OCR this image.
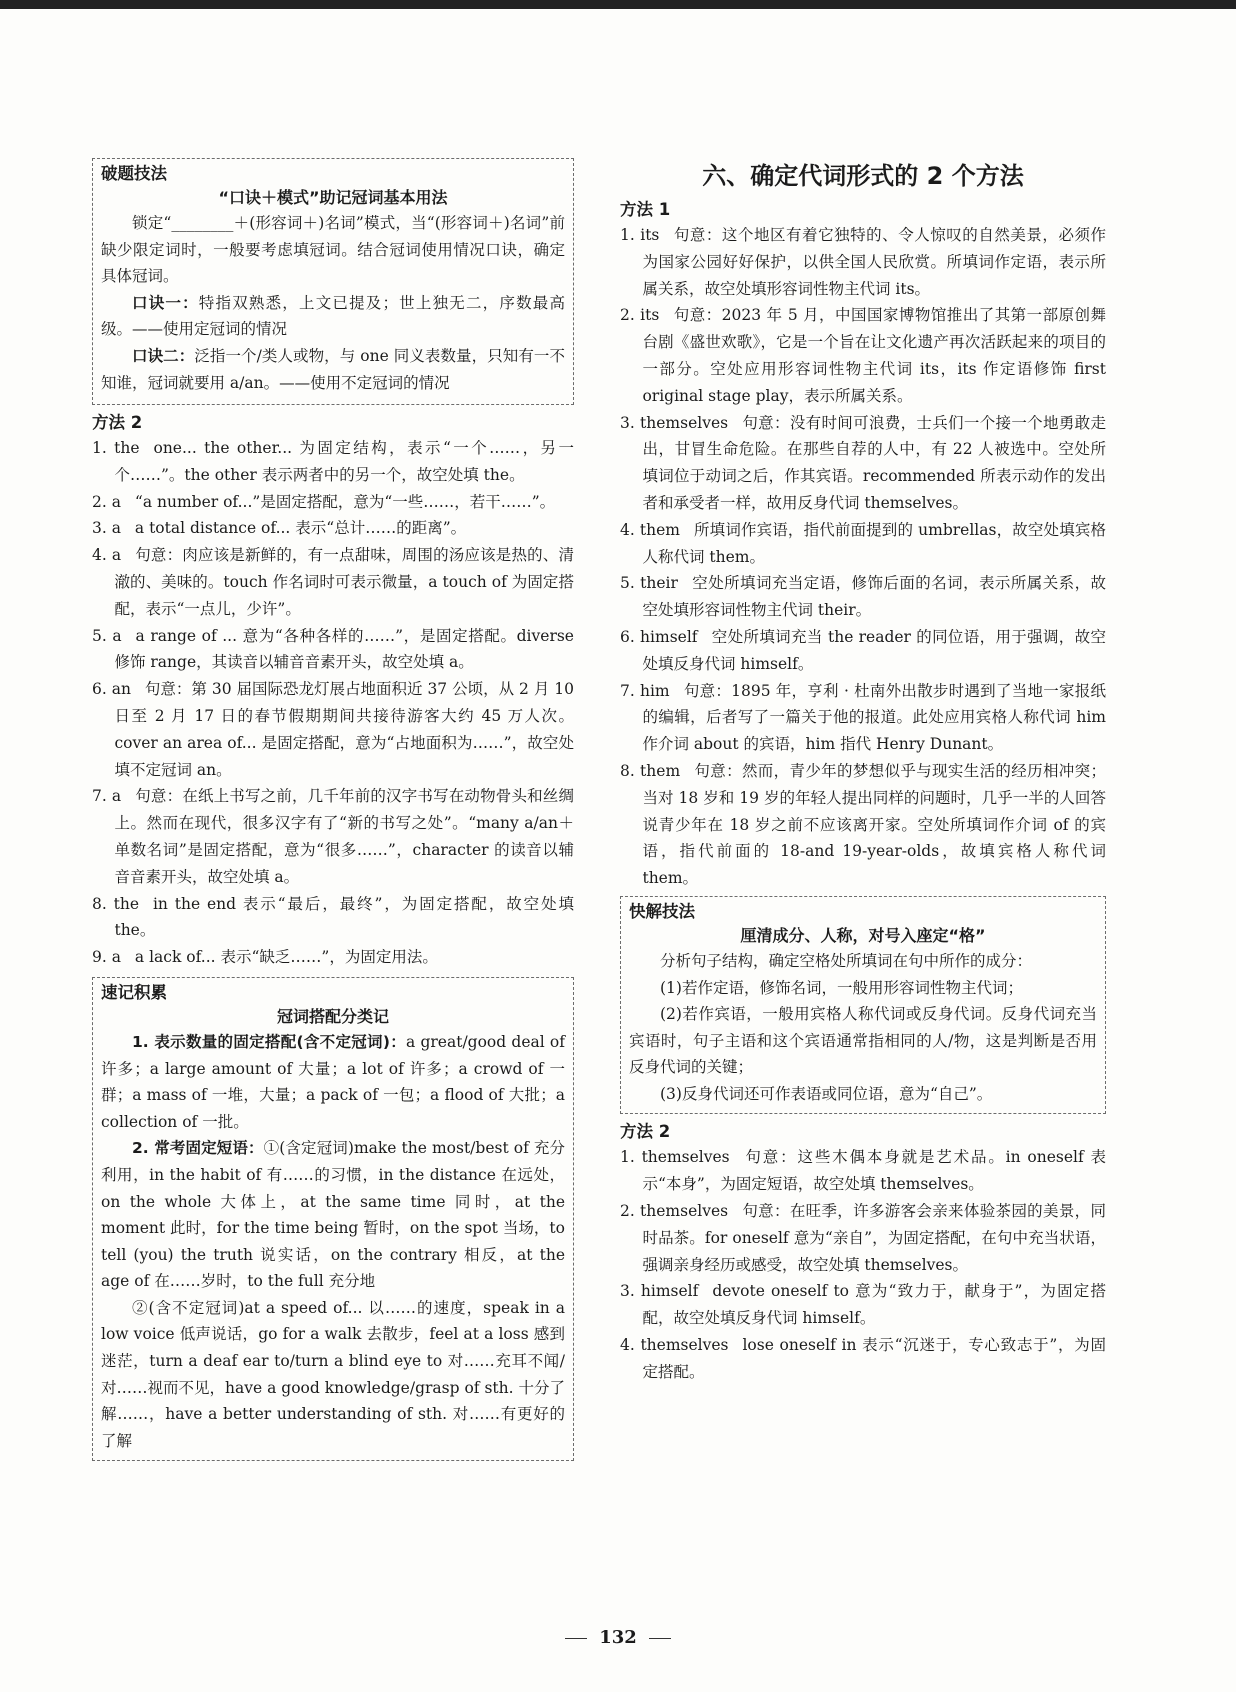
破题技法
“口诀＋模式”助记冠词基本用法

锁定“________＋(形容词＋)名词”模式，当“(形容词＋)名词”前缺少限定词时，一般要考虑填冠词。结合冠词使用情况口诀，确定具体冠词。

口诀一：特指双熟悉，上文已提及；世上独无二，序数最高级。——使用定冠词的情况

口诀二：泛指一个/类人或物，与 one 同义表数量，只知有一不知谁，冠词就要用 a/an。——使用不定冠词的情况

方法 2

1. the one... the other... 为固定结构，表示“一个……，另一个……”。the other 表示两者中的另一个，故空处填 the。

2. a “a number of...”是固定搭配，意为“一些……，若干……”。

3. a a total distance of... 表示“总计……的距离”。

4. a 句意：肉应该是新鲜的，有一点甜味，周围的汤应该是热的、清澈的、美味的。touch 作名词时可表示微量，a touch of 为固定搭配，表示“一点儿，少许”。

5. a a range of ... 意为“各种各样的……”，是固定搭配。diverse 修饰 range，其读音以辅音音素开头，故空处填 a。

6. an 句意：第 30 届国际恐龙灯展占地面积近 37 公顷，从 2 月 10 日至 2 月 17 日的春节假期期间共接待游客大约 45 万人次。cover an area of... 是固定搭配，意为“占地面积为……”，故空处填不定冠词 an。

7. a 句意：在纸上书写之前，几千年前的汉字书写在动物骨头和丝绸上。然而在现代，很多汉字有了“新的书写之处”。“many a/an＋单数名词”是固定搭配，意为“很多……”，character 的读音以辅音音素开头，故空处填 a。

8. the in the end 表示“最后，最终”，为固定搭配，故空处填 the。

9. a a lack of... 表示“缺乏……”，为固定用法。

速记积累
冠词搭配分类记

1. 表示数量的固定搭配(含不定冠词)：a great/good deal of 许多；a large amount of 大量；a lot of 许多；a crowd of 一群；a mass of 一堆，大量；a pack of 一包；a flood of 大批；a collection of 一批。

2. 常考固定短语：①(含定冠词)make the most/best of 充分利用，in the habit of 有……的习惯，in the distance 在远处，on the whole 大体上，at the same time 同时，at the moment 此时，for the time being 暂时，on the spot 当场，to tell (you) the truth 说实话，on the contrary 相反，at the age of 在……岁时，to the full 充分地

②(含不定冠词)at a speed of... 以……的速度，speak in a low voice 低声说话，go for a walk 去散步，feel at a loss 感到迷茫，turn a deaf ear to/turn a blind eye to 对……充耳不闻/对……视而不见，have a good knowledge/grasp of sth. 十分了解……，have a better understanding of sth. 对……有更好的了解

六、确定代词形式的 2 个方法
方法 1

1. its 句意：这个地区有着它独特的、令人惊叹的自然美景，必须作为国家公园好好保护，以供全国人民欣赏。所填词作定语，表示所属关系，故空处填形容词性物主代词 its。

2. its 句意：2023 年 5 月，中国国家博物馆推出了其第一部原创舞台剧《盛世欢歌》，它是一个旨在让文化遗产再次活跃起来的项目的一部分。空处应用形容词性物主代词 its，its 作定语修饰 first original stage play，表示所属关系。

3. themselves 句意：没有时间可浪费，士兵们一个接一个地勇敢走出，甘冒生命危险。在那些自荐的人中，有 22 人被选中。空处所填词位于动词之后，作其宾语。recommended 所表示动作的发出者和承受者一样，故用反身代词 themselves。

4. them 所填词作宾语，指代前面提到的 umbrellas，故空处填宾格人称代词 them。

5. their 空处所填词充当定语，修饰后面的名词，表示所属关系，故空处填形容词性物主代词 their。

6. himself 空处所填词充当 the reader 的同位语，用于强调，故空处填反身代词 himself。

7. him 句意：1895 年，亨利 · 杜南外出散步时遇到了当地一家报纸的编辑，后者写了一篇关于他的报道。此处应用宾格人称代词 him 作介词 about 的宾语，him 指代 Henry Dunant。

8. them 句意：然而，青少年的梦想似乎与现实生活的经历相冲突；当对 18 岁和 19 岁的年轻人提出同样的问题时，几乎一半的人回答说青少年在 18 岁之前不应该离开家。空处所填词作介词 of 的宾语，指代前面的 18-and 19-year-olds，故填宾格人称代词 them。

快解技法
厘清成分、人称，对号入座定“格”

分析句子结构，确定空格处所填词在句中所作的成分：

(1)若作定语，修饰名词，一般用形容词性物主代词；

(2)若作宾语，一般用宾格人称代词或反身代词。反身代词充当宾语时，句子主语和这个宾语通常指相同的人/物，这是判断是否用反身代词的关键；

(3)反身代词还可作表语或同位语，意为“自己”。

方法 2

1. themselves 句意：这些木偶本身就是艺术品。in oneself 表示“本身”，为固定短语，故空处填 themselves。

2. themselves 句意：在旺季，许多游客会亲来体验茶园的美景，同时品茶。for oneself 意为“亲自”，为固定搭配，在句中充当状语，强调亲身经历或感受，故空处填 themselves。

3. himself devote oneself to 意为“致力于，献身于”，为固定搭配，故空处填反身代词 himself。

4. themselves lose oneself in 表示“沉迷于，专心致志于”，为固定搭配。

132
